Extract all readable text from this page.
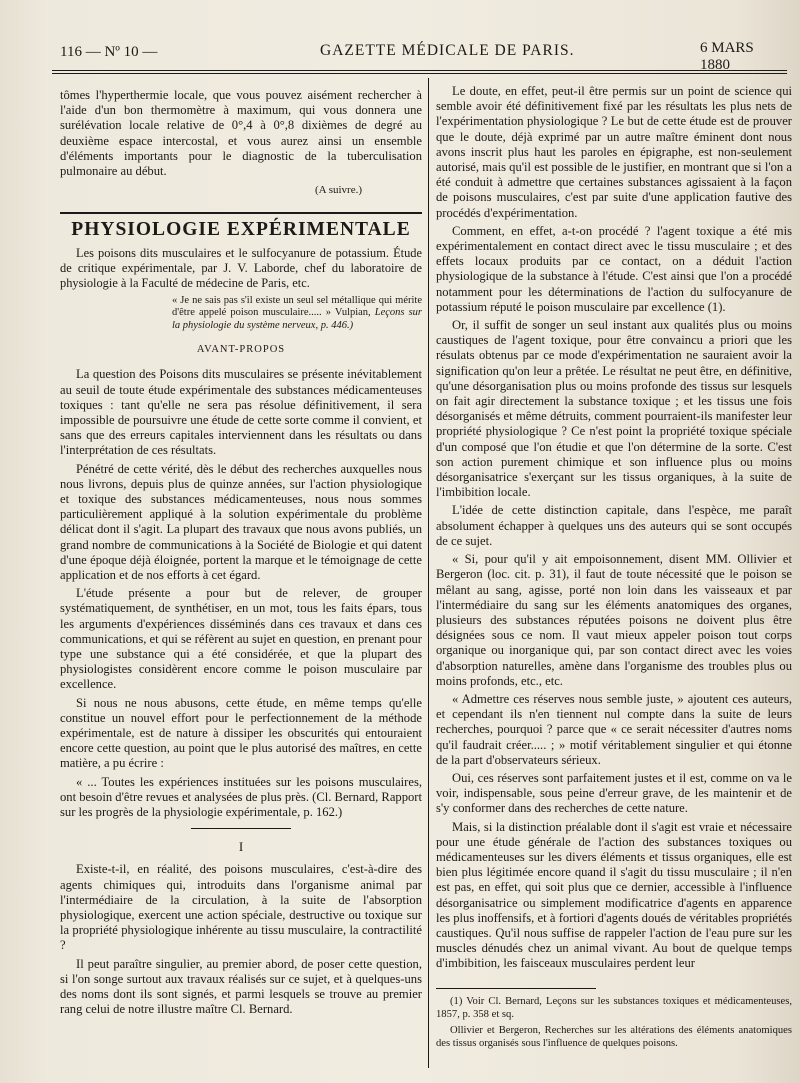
116 — Nº 10 —	GAZETTE MÉDICALE DE PARIS.	6 MARS 1880

tômes l'hyperthermie locale, que vous pouvez aisément rechercher à l'aide d'un bon thermomètre à maximum, qui vous donnera une surélévation locale relative de 0°,4 à 0°,8 dixièmes de degré au deuxième espace intercostal, et vous aurez ainsi un ensemble d'éléments importants pour le diagnostic de la tuberculisation pulmonaire au début.

(A suivre.)
PHYSIOLOGIE EXPÉRIMENTALE

Les poisons dits musculaires et le sulfocyanure de potassium. Étude de critique expérimentale, par J. V. Laborde, chef du laboratoire de physiologie à la Faculté de médecine de Paris, etc.

« Je ne sais pas s'il existe un seul sel métallique qui mérite d'être appelé poison musculaire..... » Vulpian, Leçons sur la physiologie du système nerveux, p. 446.)
AVANT-PROPOS

La question des Poisons dits musculaires se présente inévitablement au seuil de toute étude expérimentale des substances médicamenteuses toxiques : tant qu'elle ne sera pas résolue définitivement, il sera impossible de poursuivre une étude de cette sorte comme il convient, et sans que des erreurs capitales interviennent dans les résultats ou dans l'interprétation de ces résultats.

Pénétré de cette vérité, dès le début des recherches auxquelles nous nous livrons, depuis plus de quinze années, sur l'action physiologique et toxique des substances médicamenteuses, nous nous sommes particulièrement appliqué à la solution expérimentale du problème délicat dont il s'agit. La plupart des travaux que nous avons publiés, un grand nombre de communications à la Société de Biologie et qui datent d'une époque déjà éloignée, portent la marque et le témoignage de cette application et de nos efforts à cet égard.

L'étude présente a pour but de relever, de grouper systématiquement, de synthétiser, en un mot, tous les faits épars, tous les arguments d'expériences disséminés dans ces travaux et dans ces communications, et qui se réfèrent au sujet en question, en prenant pour type une substance qui a été considérée, et que la plupart des physiologistes considèrent encore comme le poison musculaire par excellence.

Si nous ne nous abusons, cette étude, en même temps qu'elle constitue un nouvel effort pour le perfectionnement de la méthode expérimentale, est de nature à dissiper les obscurités qui entouraient encore cette question, au point que le plus autorisé des maîtres, en cette matière, a pu écrire :

« ... Toutes les expériences instituées sur les poisons musculaires, ont besoin d'être revues et analysées de plus près. (Cl. Bernard, Rapport sur les progrès de la physiologie expérimentale, p. 162.)

I

Existe-t-il, en réalité, des poisons musculaires, c'est-à-dire des agents chimiques qui, introduits dans l'organisme animal par l'intermédiaire de la circulation, à la suite de l'absorption physiologique, exercent une action spéciale, destructive ou toxique sur la propriété physiologique inhérente au tissu musculaire, la contractilité ?

Il peut paraître singulier, au premier abord, de poser cette question, si l'on songe surtout aux travaux réalisés sur ce sujet, et à quelques-uns des noms dont ils sont signés, et parmi lesquels se trouve au premier rang celui de notre illustre maître Cl. Bernard.

Le doute, en effet, peut-il être permis sur un point de science qui semble avoir été définitivement fixé par les résultats les plus nets de l'expérimentation physiologique ? Le but de cette étude est de prouver que le doute, déjà exprimé par un autre maître éminent dont nous avons inscrit plus haut les paroles en épigraphe, est non-seulement autorisé, mais qu'il est possible de le justifier, en montrant que si l'on a été conduit à admettre que certaines substances agissaient à la façon de poisons musculaires, c'est par suite d'une application fautive des procédés d'expérimentation.

Comment, en effet, a-t-on procédé ? l'agent toxique a été mis expérimentalement en contact direct avec le tissu musculaire ; et des effets locaux produits par ce contact, on a déduit l'action physiologique de la substance à l'étude. C'est ainsi que l'on a procédé notamment pour les déterminations de l'action du sulfocyanure de potassium réputé le poison musculaire par excellence (1).

Or, il suffit de songer un seul instant aux qualités plus ou moins caustiques de l'agent toxique, pour être convaincu a priori que les résulats obtenus par ce mode d'expérimentation ne sauraient avoir la signification qu'on leur a prêtée. Le résultat ne peut être, en définitive, qu'une désorganisation plus ou moins profonde des tissus sur lesquels on fait agir directement la substance toxique ; et les tissus une fois désorganisés et même détruits, comment pourraient-ils manifester leur propriété physiologique ? Ce n'est point la propriété toxique spéciale d'un composé que l'on étudie et que l'on détermine de la sorte. C'est son action purement chimique et son influence plus ou moins désorganisatrice s'exerçant sur les tissus organiques, à la suite de l'imbibition locale.

L'idée de cette distinction capitale, dans l'espèce, me paraît absolument échapper à quelques uns des auteurs qui se sont occupés de ce sujet.

« Si, pour qu'il y ait empoisonnement, disent MM. Ollivier et Bergeron (loc. cit. p. 31), il faut de toute nécessité que le poison se mêlant au sang, agisse, porté non loin dans les vaisseaux et par l'intermédiaire du sang sur les éléments anatomiques des organes, plusieurs des substances réputées poisons ne doivent plus être désignées sous ce nom. Il vaut mieux appeler poison tout corps organique ou inorganique qui, par son contact direct avec les voies d'absorption naturelles, amène dans l'organisme des troubles plus ou moins profonds, etc., etc.

« Admettre ces réserves nous semble juste, » ajoutent ces auteurs, et cependant ils n'en tiennent nul compte dans la suite de leurs recherches, pourquoi ? parce que « ce serait nécessiter d'autres noms qu'il faudrait créer..... ; » motif véritablement singulier et qui étonne de la part d'observateurs sérieux.

Oui, ces réserves sont parfaitement justes et il est, comme on va le voir, indispensable, sous peine d'erreur grave, de les maintenir et de s'y conformer dans des recherches de cette nature.

Mais, si la distinction préalable dont il s'agit est vraie et nécessaire pour une étude générale de l'action des substances toxiques ou médicamenteuses sur les divers éléments et tissus organiques, elle est bien plus légitimée encore quand il s'agit du tissu musculaire ; il n'en est pas, en effet, qui soit plus que ce dernier, accessible à l'influence désorganisatrice ou simplement modificatrice d'agents en apparence les plus inoffensifs, et à fortiori d'agents doués de véritables propriétés caustiques. Qu'il nous suffise de rappeler l'action de l'eau pure sur les muscles dénudés chez un animal vivant. Au bout de quelque temps d'imbibition, les faisceaux musculaires perdent leur

(1) Voir Cl. Bernard, Leçons sur les substances toxiques et médicamenteuses, 1857, p. 358 et sq.

Ollivier et Bergeron, Recherches sur les altérations des éléments anatomiques des tissus organisés sous l'influence de quelques poisons.
